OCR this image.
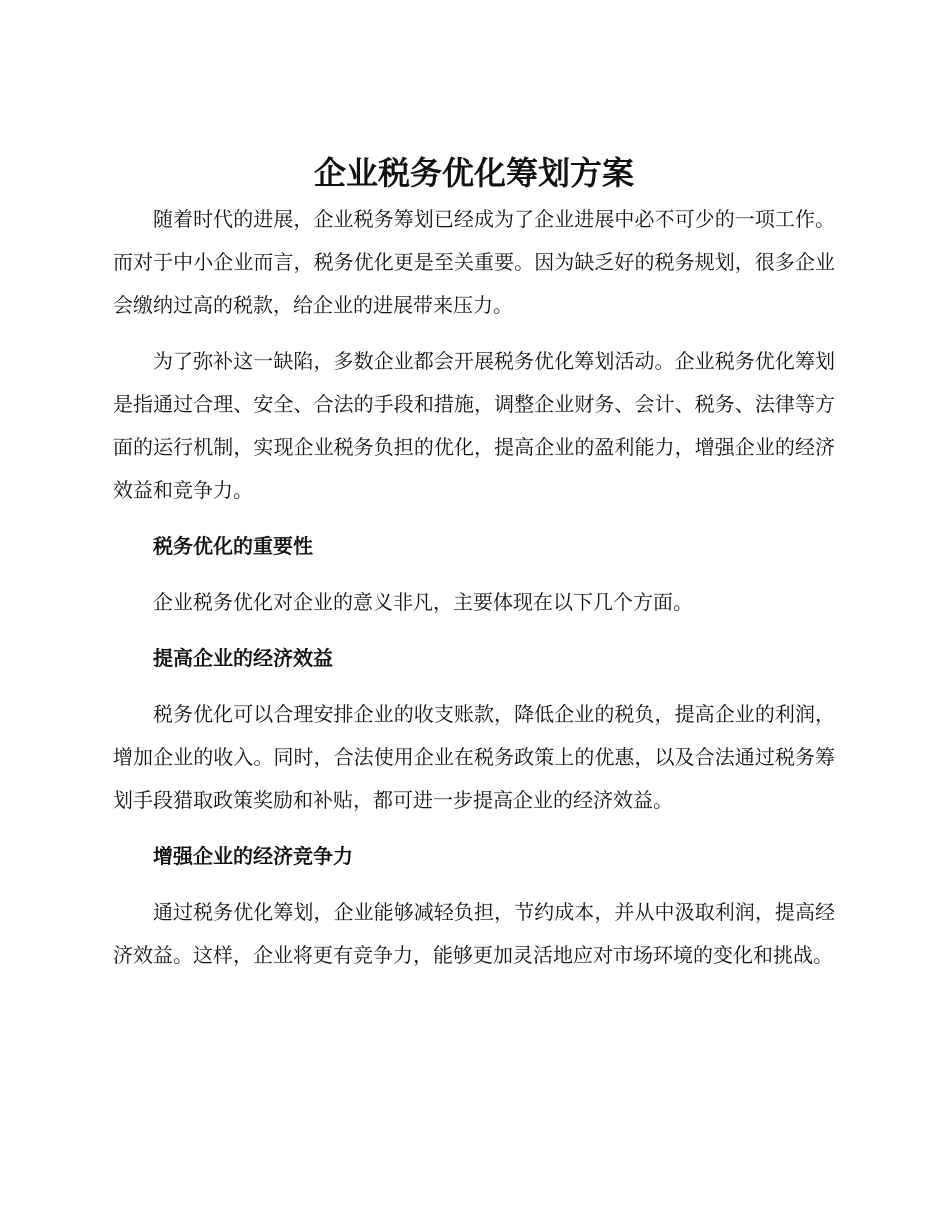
企业税务优化筹划方案

随着时代的进展，企业税务筹划已经成为了企业进展中必不可少的一项工作。而对于中小企业而言，税务优化更是至关重要。因为缺乏好的税务规划，很多企业会缴纳过高的税款，给企业的进展带来压力。

为了弥补这一缺陷，多数企业都会开展税务优化筹划活动。企业税务优化筹划是指通过合理、安全、合法的手段和措施，调整企业财务、会计、税务、法律等方面的运行机制，实现企业税务负担的优化，提高企业的盈利能力，增强企业的经济效益和竞争力。

税务优化的重要性

企业税务优化对企业的意义非凡，主要体现在以下几个方面。

提高企业的经济效益

税务优化可以合理安排企业的收支账款，降低企业的税负，提高企业的利润，增加企业的收入。同时，合法使用企业在税务政策上的优惠，以及合法通过税务筹划手段猎取政策奖励和补贴，都可进一步提高企业的经济效益。

增强企业的经济竞争力

通过税务优化筹划，企业能够减轻负担，节约成本，并从中汲取利润，提高经济效益。这样，企业将更有竞争力，能够更加灵活地应对市场环境的变化和挑战。
